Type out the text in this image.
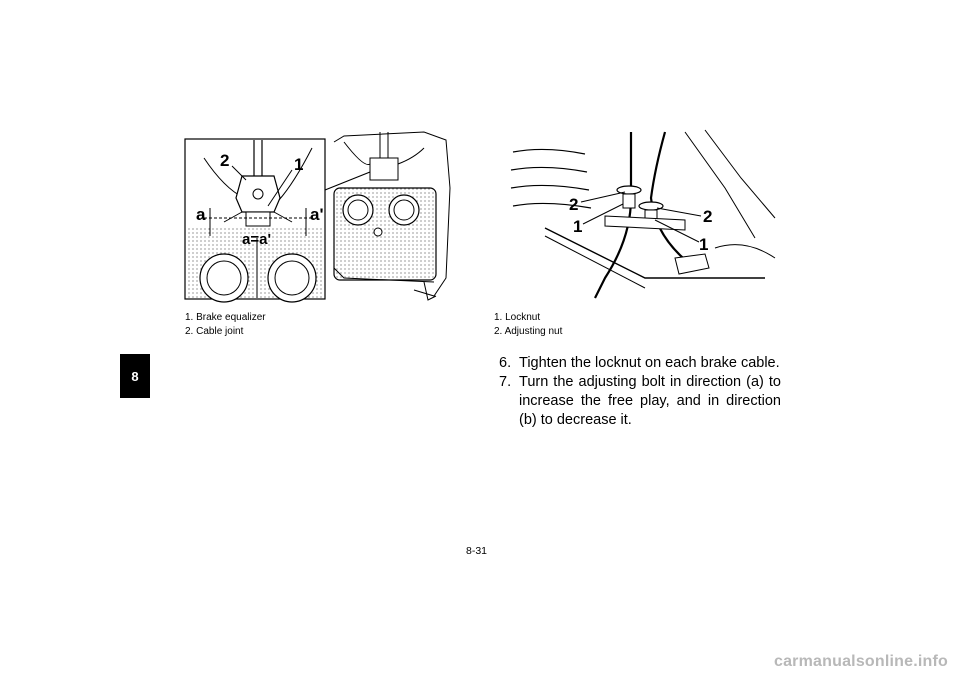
8
2	1
a	a'
a=a'
1. Brake equalizer
2. Cable joint
2
1
2
1
1. Locknut
2. Adjusting nut
6. Tighten the locknut on each brake cable.
7. Turn the adjusting bolt in direction (a) to increase the free play, and in direction (b) to decrease it.
8-31
carmanualsonline.info
